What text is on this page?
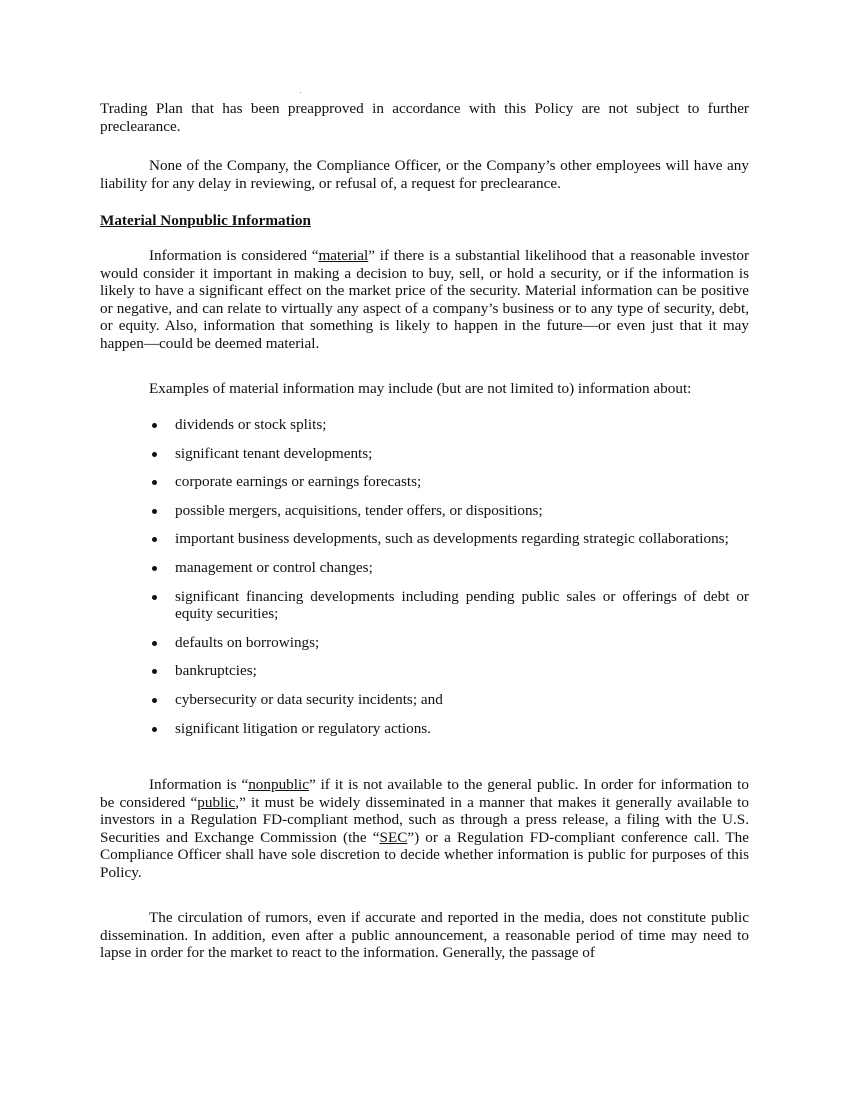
Trading Plan that has been preapproved in accordance with this Policy are not subject to further preclearance.

None of the Company, the Compliance Officer, or the Company’s other employees will have any liability for any delay in reviewing, or refusal of, a request for preclearance.

Material Nonpublic Information

Information is considered “material” if there is a substantial likelihood that a reasonable investor would consider it important in making a decision to buy, sell, or hold a security, or if the information is likely to have a significant effect on the market price of the security. Material information can be positive or negative, and can relate to virtually any aspect of a company’s business or to any type of security, debt, or equity. Also, information that something is likely to happen in the future—or even just that it may happen—could be deemed material.

Examples of material information may include (but are not limited to) information about:

dividends or stock splits;
significant tenant developments;
corporate earnings or earnings forecasts;
possible mergers, acquisitions, tender offers, or dispositions;
important business developments, such as developments regarding strategic collaborations;
management or control changes;
significant financing developments including pending public sales or offerings of debt or equity securities;
defaults on borrowings;
bankruptcies;
cybersecurity or data security incidents; and
significant litigation or regulatory actions.

Information is “nonpublic” if it is not available to the general public. In order for information to be considered “public,” it must be widely disseminated in a manner that makes it generally available to investors in a Regulation FD-compliant method, such as through a press release, a filing with the U.S. Securities and Exchange Commission (the “SEC”) or a Regulation FD-compliant conference call. The Compliance Officer shall have sole discretion to decide whether information is public for purposes of this Policy.

The circulation of rumors, even if accurate and reported in the media, does not constitute public dissemination. In addition, even after a public announcement, a reasonable period of time may need to lapse in order for the market to react to the information. Generally, the passage of
